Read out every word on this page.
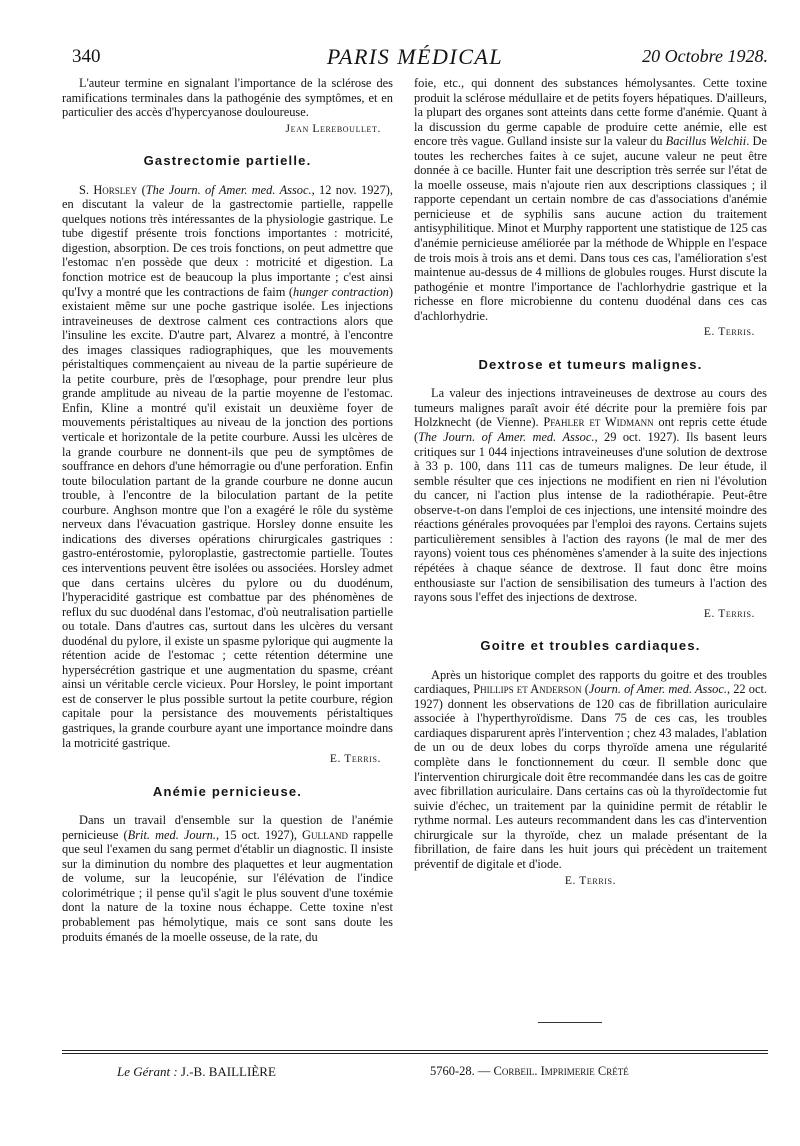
340	PARIS MÉDICAL	20 Octobre 1928.

L'auteur termine en signalant l'importance de la sclérose des ramifications terminales dans la pathogénie des symptômes, et en particulier des accès d'hypercyanose douloureuse.

Jean Lereboullet.
Gastrectomie partielle.

S. Horsley (The Journ. of Amer. med. Assoc., 12 nov. 1927), en discutant la valeur de la gastrectomie partielle, rappelle quelques notions très intéressantes de la physiologie gastrique. Le tube digestif présente trois fonctions importantes : motricité, digestion, absorption. De ces trois fonctions, on peut admettre que l'estomac n'en possède que deux : motricité et digestion. La fonction motrice est de beaucoup la plus importante ; c'est ainsi qu'Ivy a montré que les contractions de faim (hunger contraction) existaient même sur une poche gastrique isolée. Les injections intraveineuses de dextrose calment ces contractions alors que l'insuline les excite. D'autre part, Alvarez a montré, à l'encontre des images classiques radiographiques, que les mouvements péristaltiques commençaient au niveau de la partie supérieure de la petite courbure, près de l'œsophage, pour prendre leur plus grande amplitude au niveau de la partie moyenne de l'estomac. Enfin, Kline a montré qu'il existait un deuxième foyer de mouvements péristaltiques au niveau de la jonction des portions verticale et horizontale de la petite courbure. Aussi les ulcères de la grande courbure ne donnent-ils que peu de symptômes de souffrance en dehors d'une hémorragie ou d'une perforation. Enfin toute biloculation partant de la grande courbure ne donne aucun trouble, à l'encontre de la biloculation partant de la petite courbure. Anghson montre que l'on a exagéré le rôle du système nerveux dans l'évacuation gastrique. Horsley donne ensuite les indications des diverses opérations chirurgicales gastriques : gastro-entérostomie, pyloroplastie, gastrectomie partielle. Toutes ces interventions peuvent être isolées ou associées. Horsley admet que dans certains ulcères du pylore ou du duodénum, l'hyperacidité gastrique est combattue par des phénomènes de reflux du suc duodénal dans l'estomac, d'où neutralisation partielle ou totale. Dans d'autres cas, surtout dans les ulcères du versant duodénal du pylore, il existe un spasme pylorique qui augmente la rétention acide de l'estomac ; cette rétention détermine une hypersécrétion gastrique et une augmentation du spasme, créant ainsi un véritable cercle vicieux. Pour Horsley, le point important est de conserver le plus possible surtout la petite courbure, région capitale pour la persistance des mouvements péristaltiques gastriques, la grande courbure ayant une importance moindre dans la motricité gastrique.

E. Terris.
Anémie pernicieuse.

Dans un travail d'ensemble sur la question de l'anémie pernicieuse (Brit. med. Journ., 15 oct. 1927), Gulland rappelle que seul l'examen du sang permet d'établir un diagnostic. Il insiste sur la diminution du nombre des plaquettes et leur augmentation de volume, sur la leucopénie, sur l'élévation de l'indice colorimétrique ; il pense qu'il s'agit le plus souvent d'une toxémie dont la nature de la toxine nous échappe. Cette toxine n'est probablement pas hémolytique, mais ce sont sans doute les produits émanés de la moelle osseuse, de la rate, du

foie, etc., qui donnent des substances hémolysantes. Cette toxine produit la sclérose médullaire et de petits foyers hépatiques. D'ailleurs, la plupart des organes sont atteints dans cette forme d'anémie. Quant à la discussion du germe capable de produire cette anémie, elle est encore très vague. Gulland insiste sur la valeur du Bacillus Welchii. De toutes les recherches faites à ce sujet, aucune valeur ne peut être donnée à ce bacille. Hunter fait une description très serrée sur l'état de la moelle osseuse, mais n'ajoute rien aux descriptions classiques ; il rapporte cependant un certain nombre de cas d'associations d'anémie pernicieuse et de syphilis sans aucune action du traitement antisyphilitique. Minot et Murphy rapportent une statistique de 125 cas d'anémie pernicieuse améliorée par la méthode de Whipple en l'espace de trois mois à trois ans et demi. Dans tous ces cas, l'amélioration s'est maintenue au-dessus de 4 millions de globules rouges. Hurst discute la pathogénie et montre l'importance de l'achlorhydrie gastrique et la richesse en flore microbienne du contenu duodénal dans ces cas d'achlorhydrie.

E. Terris.
Dextrose et tumeurs malignes.

La valeur des injections intraveineuses de dextrose au cours des tumeurs malignes paraît avoir été décrite pour la première fois par Holzknecht (de Vienne). Pfahler et Widmann ont repris cette étude (The Journ. of Amer. med. Assoc., 29 oct. 1927). Ils basent leurs critiques sur 1 044 injections intraveineuses d'une solution de dextrose à 33 p. 100, dans 111 cas de tumeurs malignes. De leur étude, il semble résulter que ces injections ne modifient en rien ni l'évolution du cancer, ni l'action plus intense de la radiothérapie. Peut-être observe-t-on dans l'emploi de ces injections, une intensité moindre des réactions générales provoquées par l'emploi des rayons. Certains sujets particulièrement sensibles à l'action des rayons (le mal de mer des rayons) voient tous ces phénomènes s'amender à la suite des injections répétées à chaque séance de dextrose. Il faut donc être moins enthousiaste sur l'action de sensibilisation des tumeurs à l'action des rayons sous l'effet des injections de dextrose.

E. Terris.
Goitre et troubles cardiaques.

Après un historique complet des rapports du goitre et des troubles cardiaques, Phillips et Anderson (Journ. of Amer. med. Assoc., 22 oct. 1927) donnent les observations de 120 cas de fibrillation auriculaire associée à l'hyperthyroïdisme. Dans 75 de ces cas, les troubles cardiaques disparurent après l'intervention ; chez 43 malades, l'ablation de un ou de deux lobes du corps thyroïde amena une régularité complète dans le fonctionnement du cœur. Il semble donc que l'intervention chirurgicale doit être recommandée dans les cas de goitre avec fibrillation auriculaire. Dans certains cas où la thyroïdectomie fut suivie d'échec, un traitement par la quinidine permit de rétablir le rythme normal. Les auteurs recommandent dans les cas d'intervention chirurgicale sur la thyroïde, chez un malade présentant de la fibrillation, de faire dans les huit jours qui précèdent un traitement préventif de digitale et d'iode.

E. Terris.
Le Gérant : J.-B. BAILLIÈRE	5760-28. — Corbeil. Imprimerie Crété
